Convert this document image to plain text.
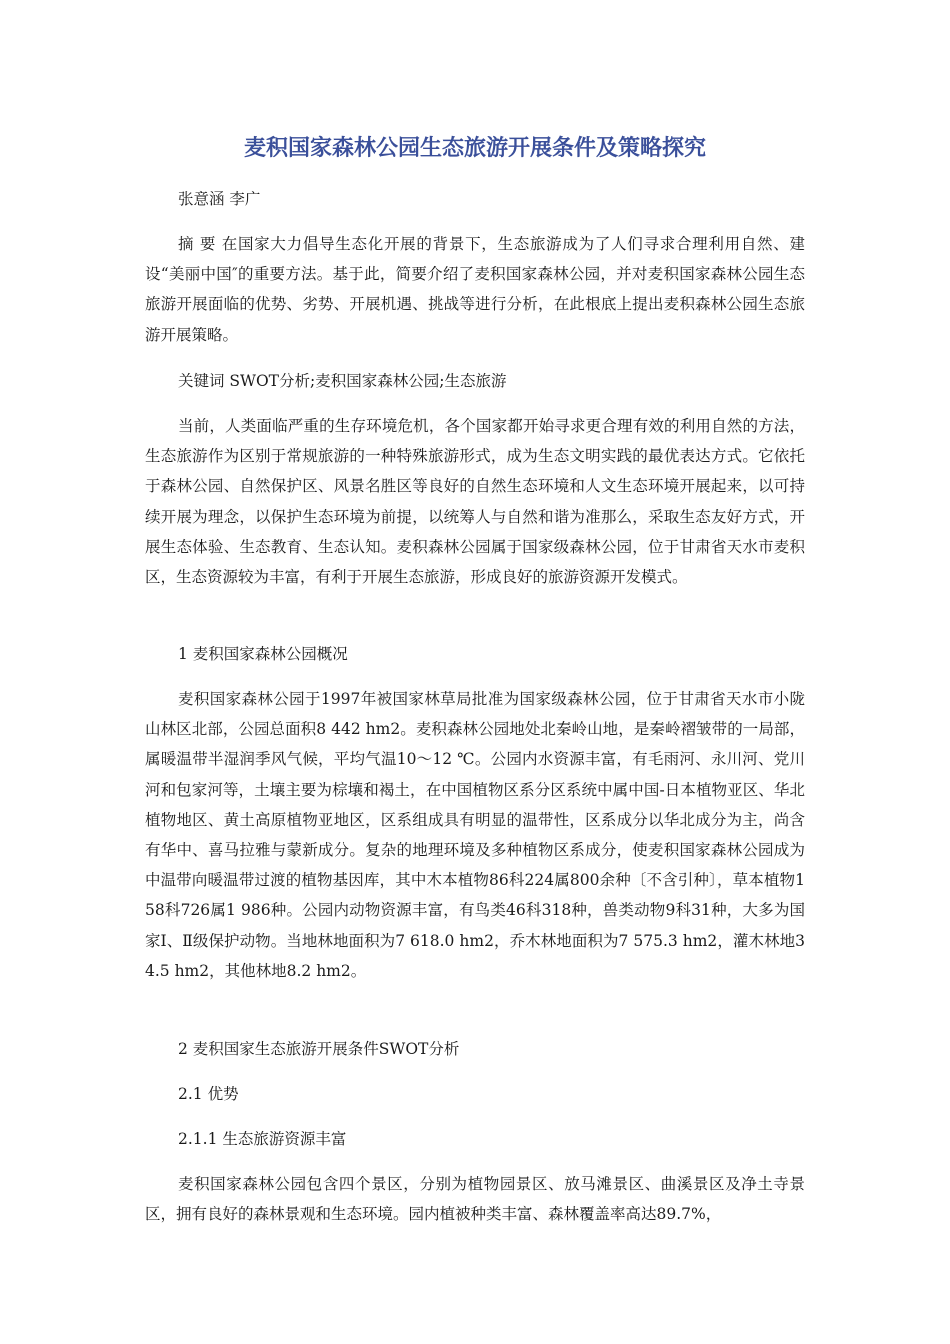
麦积国家森林公园生态旅游开展条件及策略探究

张意涵 李广

摘 要 在国家大力倡导生态化开展的背景下，生态旅游成为了人们寻求合理利用自然、建设“美丽中国″的重要方法。基于此，简要介绍了麦积国家森林公园，并对麦积国家森林公园生态旅游开展面临的优势、劣势、开展机遇、挑战等进行分析，在此根底上提出麦积森林公园生态旅游开展策略。

关键词 SWOT分析;麦积国家森林公园;生态旅游

当前，人类面临严重的生存环境危机，各个国家都开始寻求更合理有效的利用自然的方法，生态旅游作为区别于常规旅游的一种特殊旅游形式，成为生态文明实践的最优表达方式。它依托于森林公园、自然保护区、风景名胜区等良好的自然生态环境和人文生态环境开展起来，以可持续开展为理念，以保护生态环境为前提，以统筹人与自然和谐为准那么，采取生态友好方式，开展生态体验、生态教育、生态认知。麦积森林公园属于国家级森林公园，位于甘肃省天水市麦积区，生态资源较为丰富，有利于开展生态旅游，形成良好的旅游资源开发模式。

1 麦积国家森林公园概况

麦积国家森林公园于1997年被国家林草局批准为国家级森林公园，位于甘肃省天水市小陇山林区北部，公园总面积8 442 hm2。麦积森林公园地处北秦岭山地，是秦岭褶皱带的一局部，属暖温带半湿润季风气候，平均气温10～12 ℃。公园内水资源丰富，有毛雨河、永川河、党川河和包家河等，土壤主要为棕壤和褐土，在中国植物区系分区系统中属中国-日本植物亚区、华北植物地区、黄土高原植物亚地区，区系组成具有明显的温带性，区系成分以华北成分为主，尚含有华中、喜马拉雅与蒙新成分。复杂的地理环境及多种植物区系成分，使麦积国家森林公园成为中温带向暖温带过渡的植物基因库，其中木本植物86科224属800余种〔不含引种〕，草本植物158科726属1 986种。公园内动物资源丰富，有鸟类46科318种，兽类动物9科31种，大多为国家Ⅰ、Ⅱ级保护动物。当地林地面积为7 618.0 hm2，乔木林地面积为7 575.3 hm2，灌木林地34.5 hm2，其他林地8.2 hm2。

2 麦积国家生态旅游开展条件SWOT分析

2.1 优势

2.1.1 生态旅游资源丰富

麦积国家森林公园包含四个景区，分别为植物园景区、放马滩景区、曲溪景区及净土寺景区，拥有良好的森林景观和生态环境。园内植被种类丰富、森林覆盖率高达89.7%，
